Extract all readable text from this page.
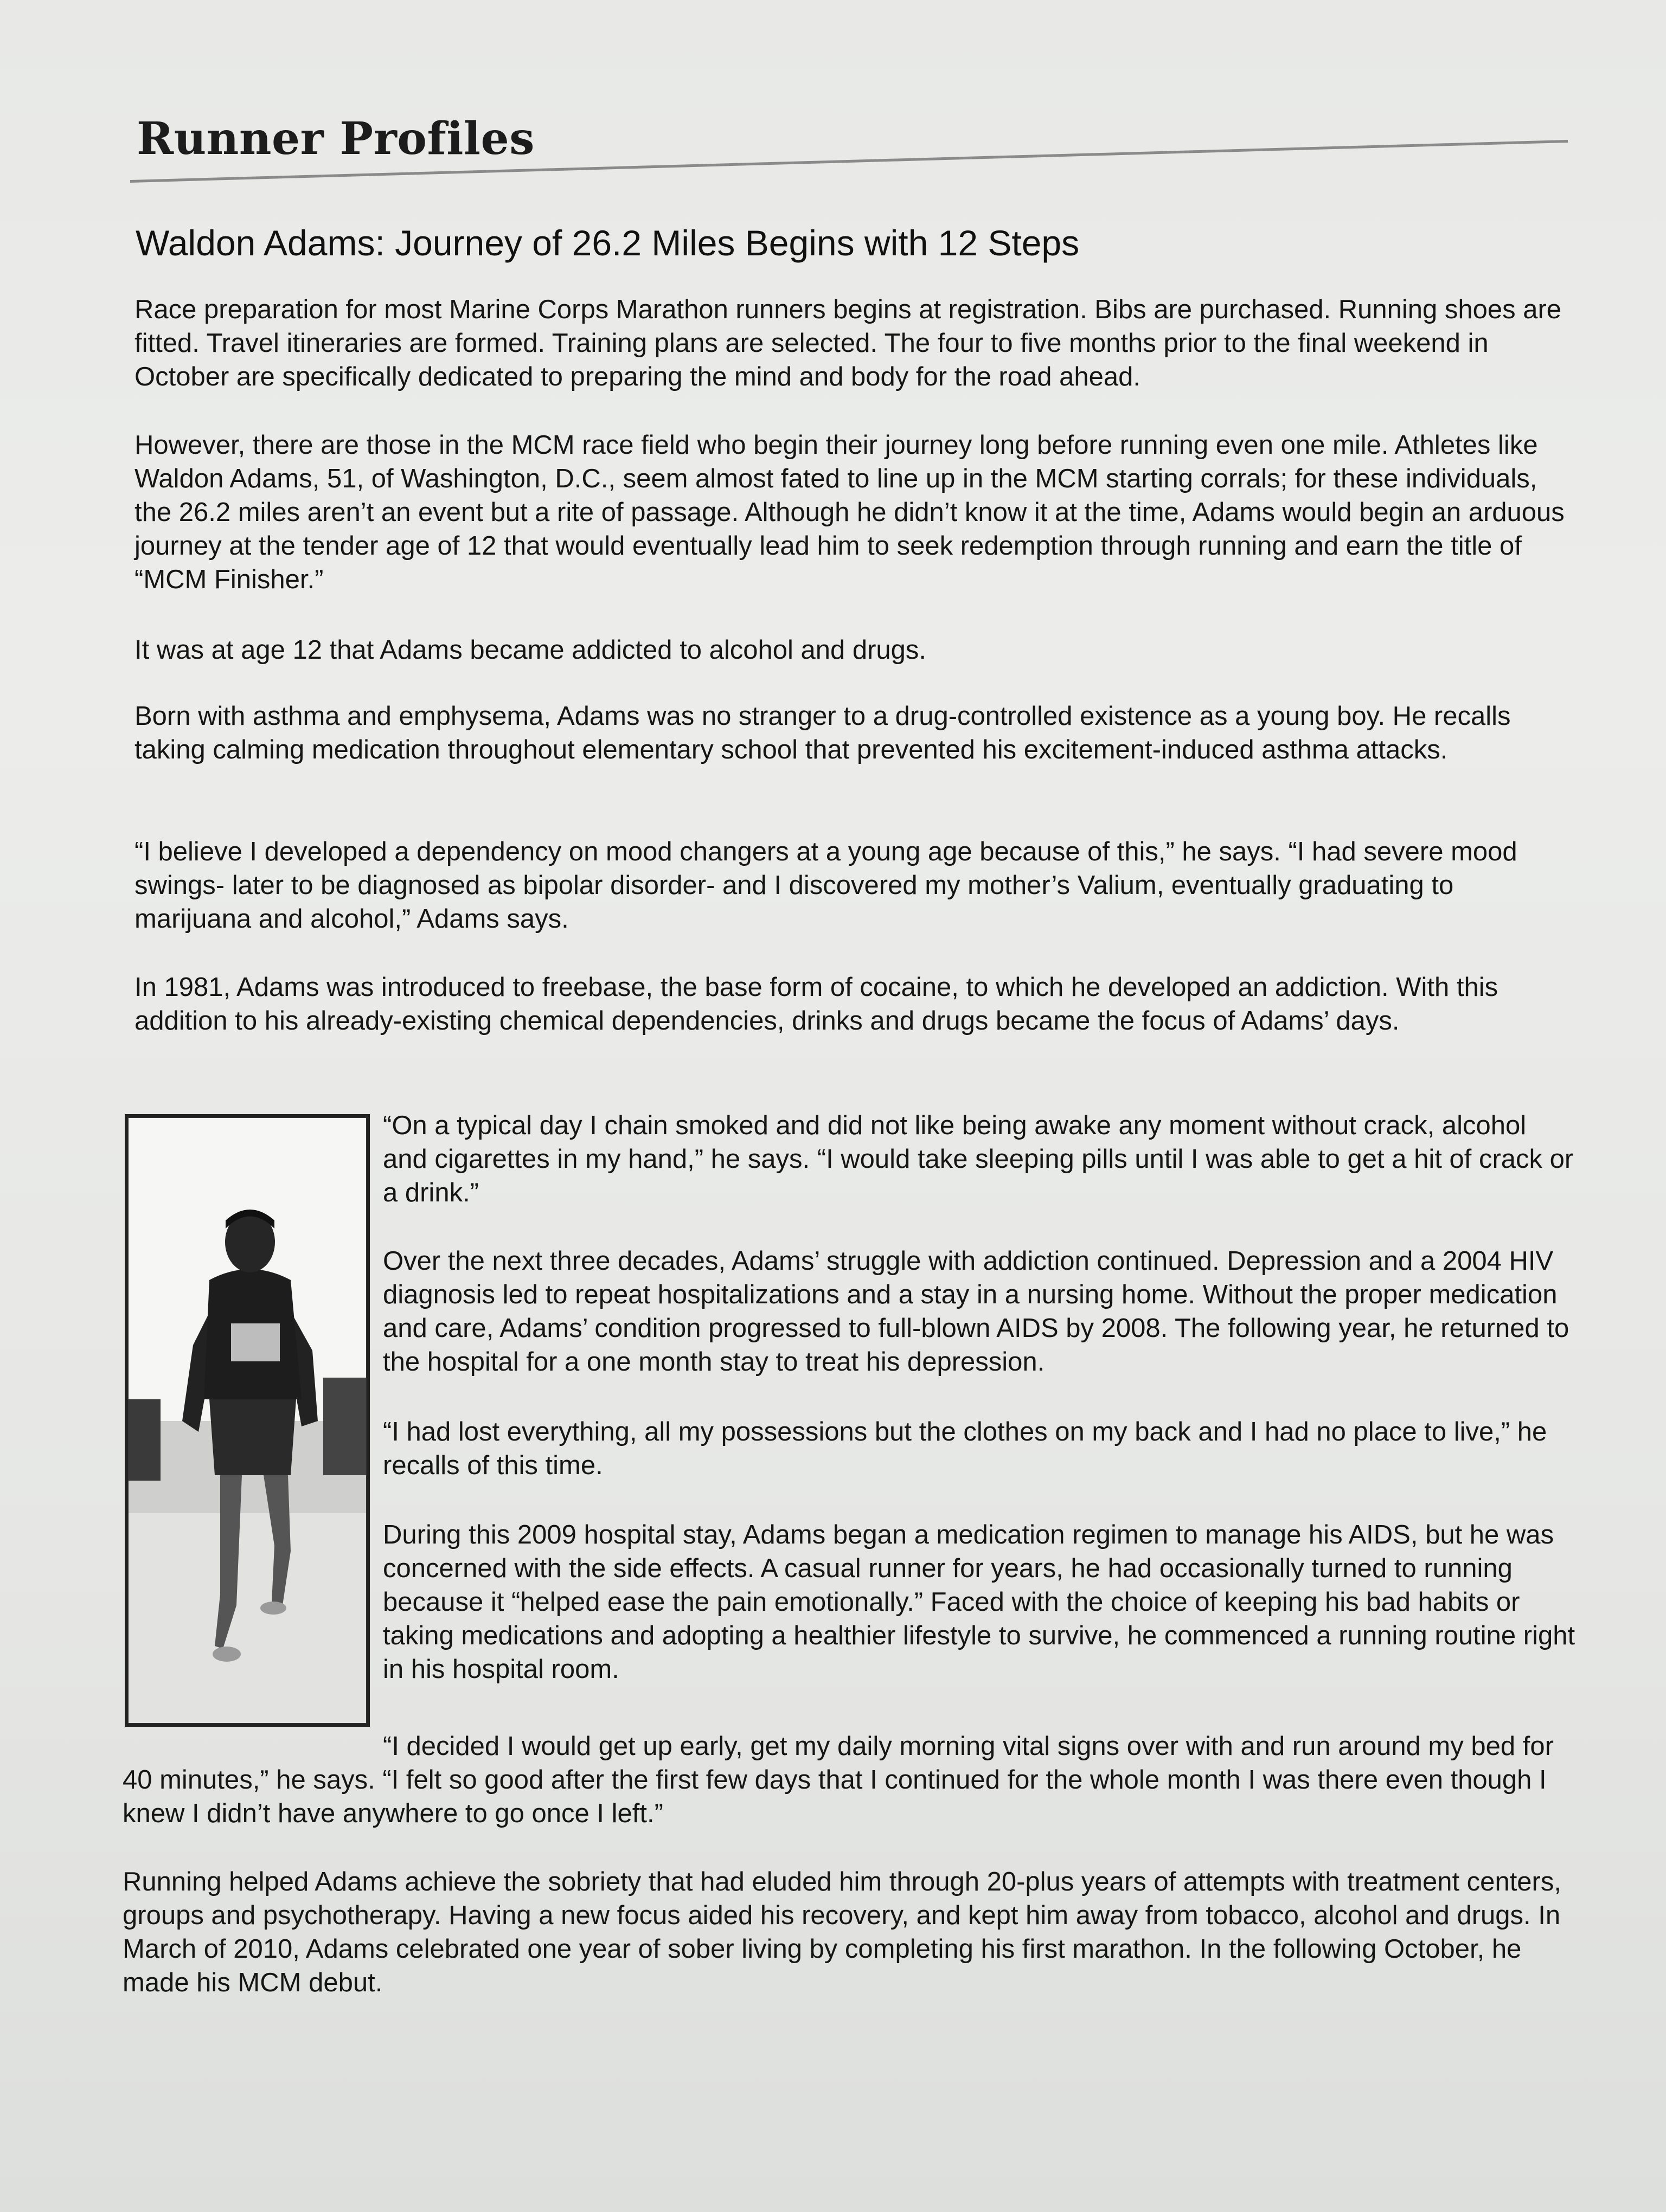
Runner Profiles
Waldon Adams: Journey of 26.2 Miles Begins with 12 Steps

Race preparation for most Marine Corps Marathon runners begins at registration. Bibs are purchased. Running shoes are fitted. Travel itineraries are formed. Training plans are selected. The four to five months prior to the final weekend in October are specifically dedicated to preparing the mind and body for the road ahead.

However, there are those in the MCM race field who begin their journey long before running even one mile. Athletes like Waldon Adams, 51, of Washington, D.C., seem almost fated to line up in the MCM starting corrals; for these individuals, the 26.2 miles aren’t an event but a rite of passage. Although he didn’t know it at the time, Adams would begin an arduous journey at the tender age of 12 that would eventually lead him to seek redemption through running and earn the title of “MCM Finisher.”

It was at age 12 that Adams became addicted to alcohol and drugs.

Born with asthma and emphysema, Adams was no stranger to a drug-controlled existence as a young boy. He recalls taking calming medication throughout elementary school that prevented his excitement-induced asthma attacks.

“I believe I developed a dependency on mood changers at a young age because of this,” he says. “I had severe mood swings- later to be diagnosed as bipolar disorder- and I discovered my mother’s Valium, eventually graduating to marijuana and alcohol,” Adams says.

In 1981, Adams was introduced to freebase, the base form of cocaine, to which he developed an addiction. With this addition to his already-existing chemical dependencies, drinks and drugs became the focus of Adams’ days.

“On a typical day I chain smoked and did not like being awake any moment without crack, alcohol and cigarettes in my hand,” he says. “I would take sleeping pills until I was able to get a hit of crack or a drink.”

Over the next three decades, Adams’ struggle with addiction continued. Depression and a 2004 HIV diagnosis led to repeat hospitalizations and a stay in a nursing home. Without the proper medication and care, Adams’ condition progressed to full-blown AIDS by 2008. The following year, he returned to the hospital for a one month stay to treat his depression.

“I had lost everything, all my possessions but the clothes on my back and I had no place to live,” he recalls of this time.

During this 2009 hospital stay, Adams began a medication regimen to manage his AIDS, but he was concerned with the side effects. A casual runner for years, he had occasionally turned to running because it “helped ease the pain emotionally.” Faced with the choice of keeping his bad habits or taking medications and adopting a healthier lifestyle to survive, he commenced a running routine right in his hospital room.

“I decided I would get up early, get my daily morning vital signs over with and run around my bed for 40 minutes,” he says. “I felt so good after the first few days that I continued for the whole month I was there even though I knew I didn’t have anywhere to go once I left.”

Running helped Adams achieve the sobriety that had eluded him through 20-plus years of attempts with treatment centers, groups and psychotherapy. Having a new focus aided his recovery, and kept him away from tobacco, alcohol and drugs. In March of 2010, Adams celebrated one year of sober living by completing his first marathon. In the following October, he made his MCM debut.
